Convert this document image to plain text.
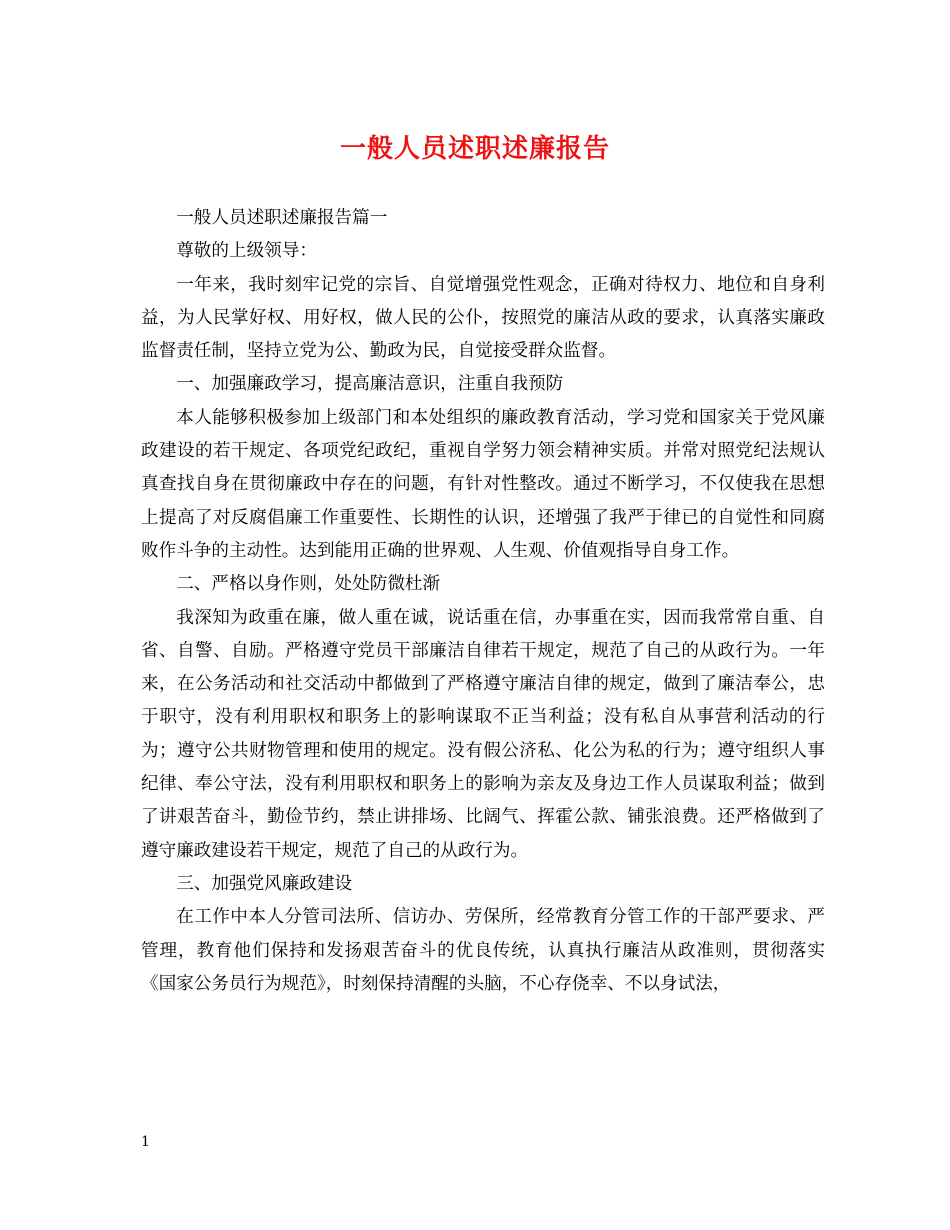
一般人员述职述廉报告

一般人员述职述廉报告篇一

尊敬的上级领导：

一年来，我时刻牢记党的宗旨、自觉增强党性观念，正确对待权力、地位和自身利益，为人民掌好权、用好权，做人民的公仆，按照党的廉洁从政的要求，认真落实廉政监督责任制，坚持立党为公、勤政为民，自觉接受群众监督。

一、加强廉政学习，提高廉洁意识，注重自我预防

本人能够积极参加上级部门和本处组织的廉政教育活动，学习党和国家关于党风廉政建设的若干规定、各项党纪政纪，重视自学努力领会精神实质。并常对照党纪法规认真查找自身在贯彻廉政中存在的问题，有针对性整改。通过不断学习，不仅使我在思想上提高了对反腐倡廉工作重要性、长期性的认识，还增强了我严于律已的自觉性和同腐败作斗争的主动性。达到能用正确的世界观、人生观、价值观指导自身工作。

二、严格以身作则，处处防微杜渐

我深知为政重在廉，做人重在诚，说话重在信，办事重在实，因而我常常自重、自省、自警、自励。严格遵守党员干部廉洁自律若干规定，规范了自己的从政行为。一年来，在公务活动和社交活动中都做到了严格遵守廉洁自律的规定，做到了廉洁奉公，忠于职守，没有利用职权和职务上的影响谋取不正当利益；没有私自从事营利活动的行为；遵守公共财物管理和使用的规定。没有假公济私、化公为私的行为；遵守组织人事纪律、奉公守法，没有利用职权和职务上的影响为亲友及身边工作人员谋取利益；做到了讲艰苦奋斗，勤俭节约，禁止讲排场、比阔气、挥霍公款、铺张浪费。还严格做到了遵守廉政建设若干规定，规范了自己的从政行为。

三、加强党风廉政建设

在工作中本人分管司法所、信访办、劳保所，经常教育分管工作的干部严要求、严管理，教育他们保持和发扬艰苦奋斗的优良传统，认真执行廉洁从政准则，贯彻落实《国家公务员行为规范》，时刻保持清醒的头脑，不心存侥幸、不以身试法，

1
